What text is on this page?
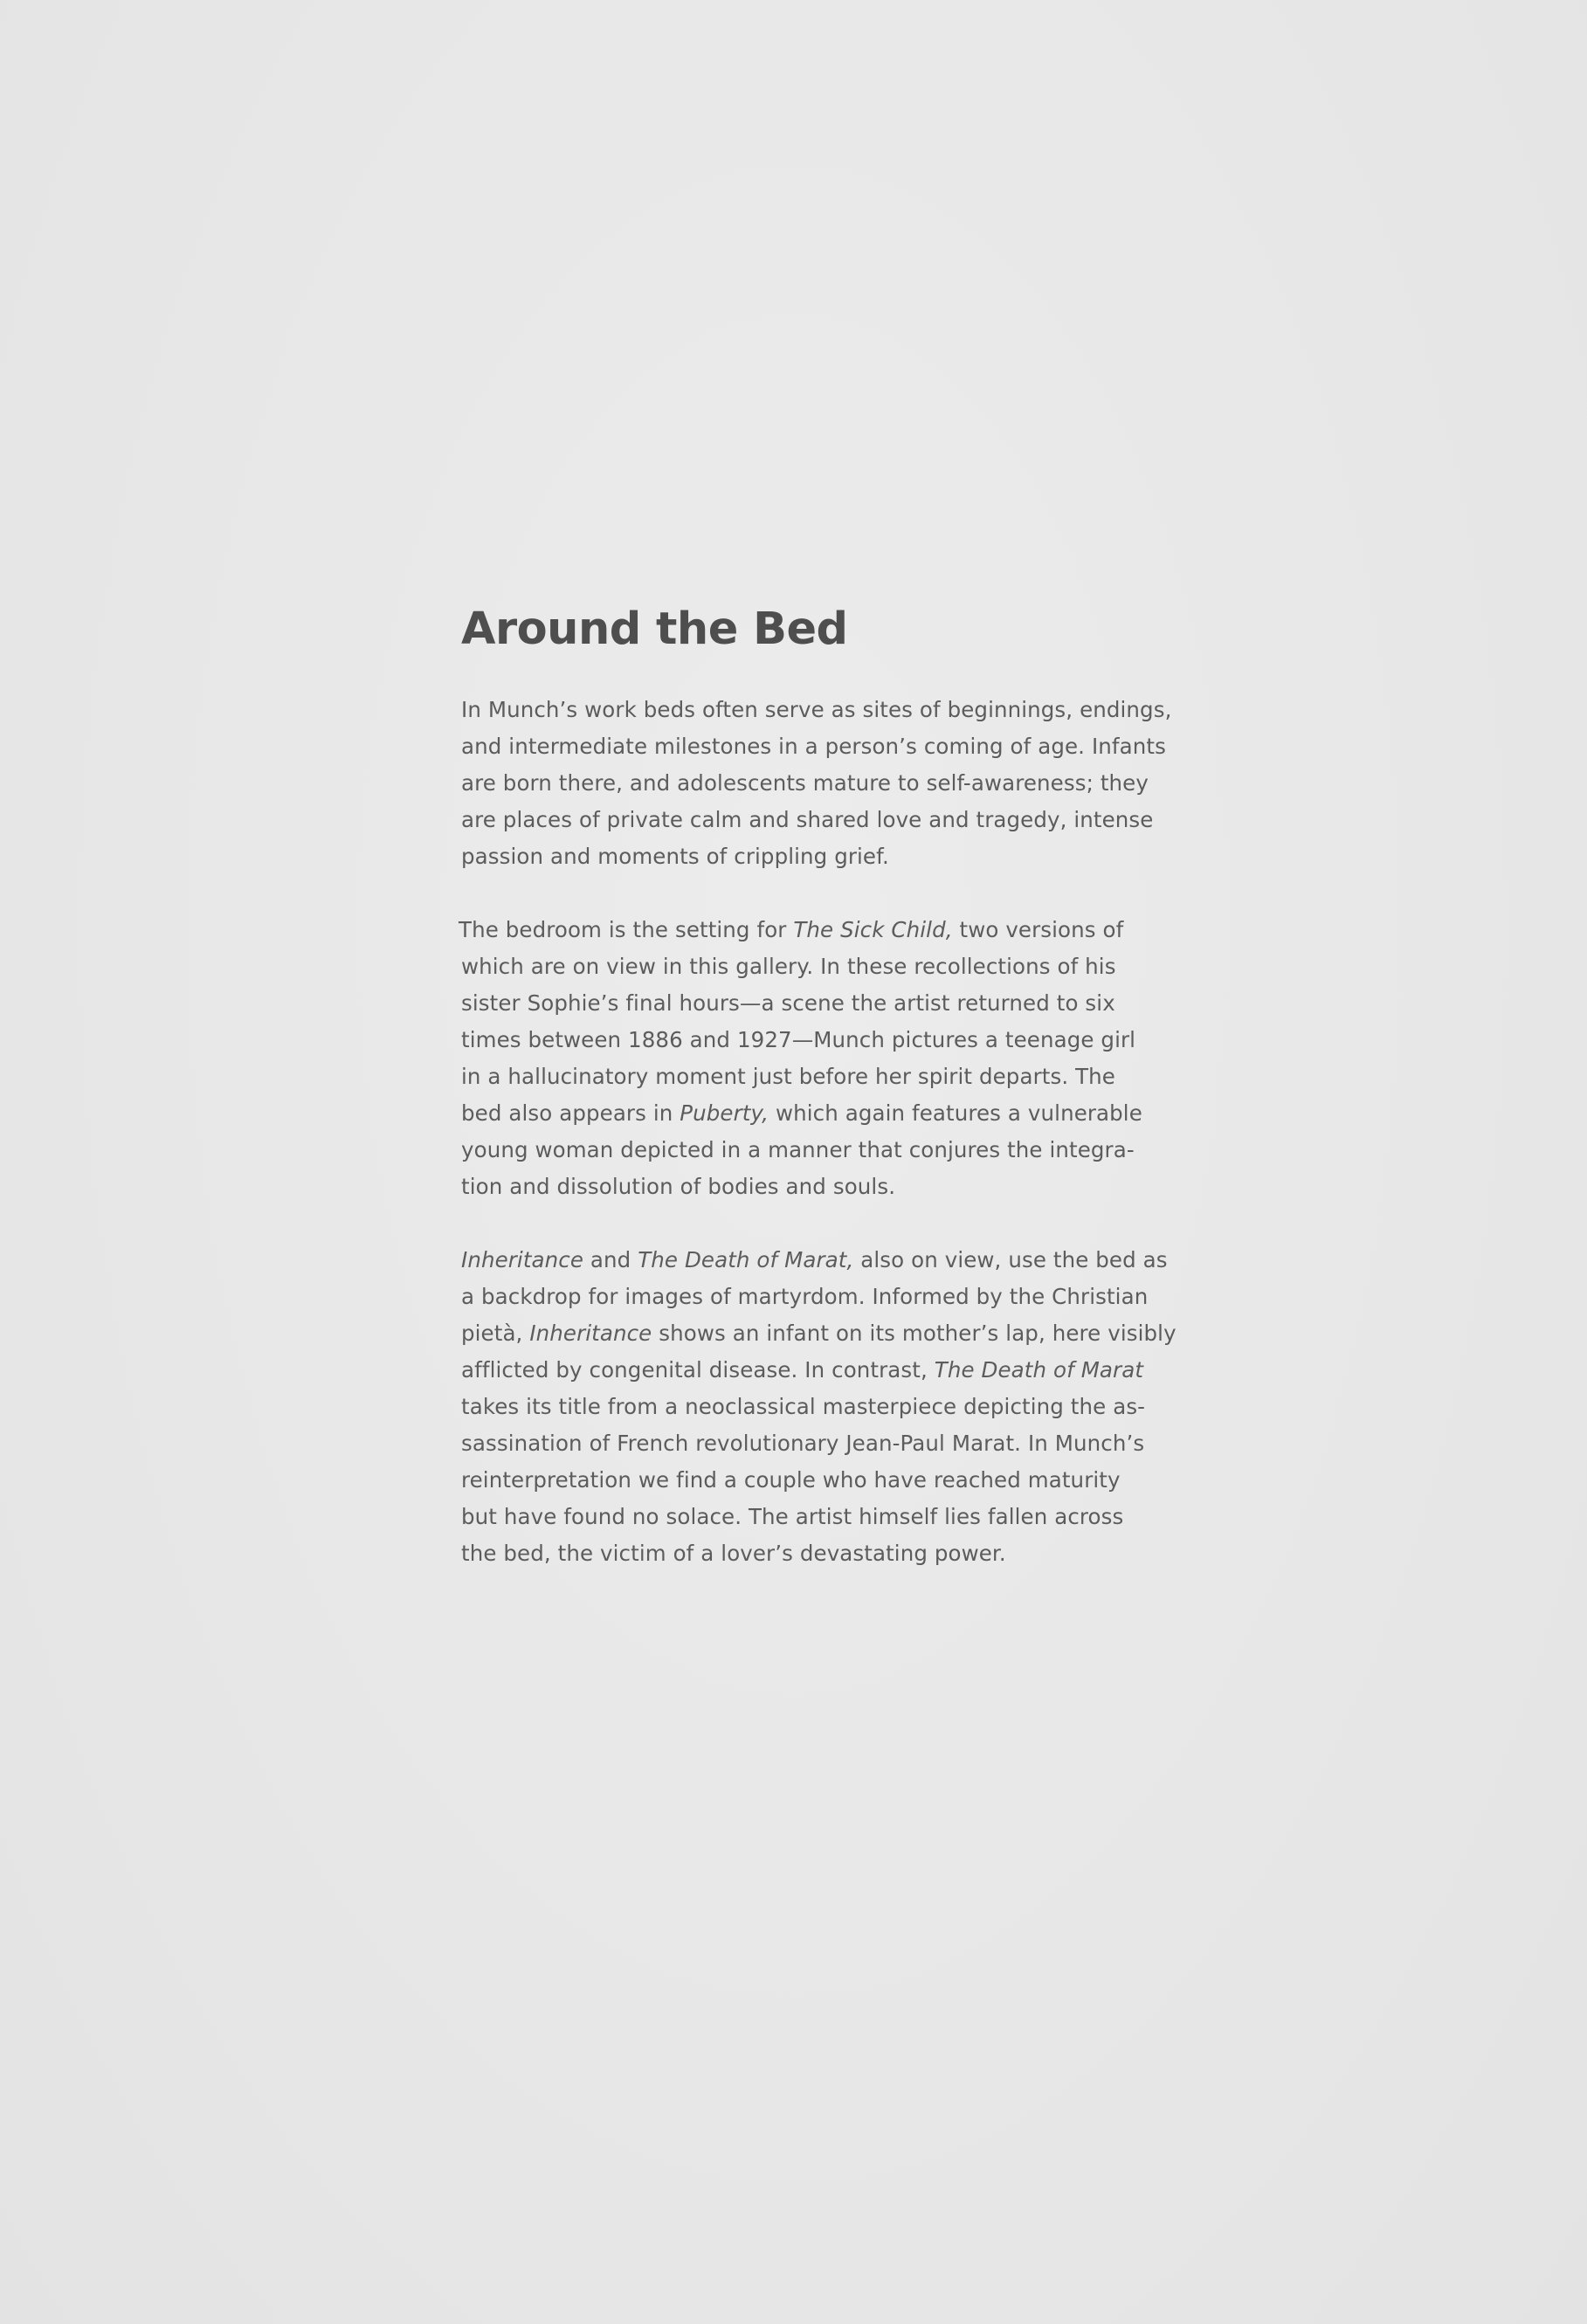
Around the Bed

In Munch’s work beds often serve as sites of beginnings, endings,
and intermediate milestones in a person’s coming of age. Infants
are born there, and adolescents mature to self-awareness; they
are places of private calm and shared love and tragedy, intense
passion and moments of crippling grief.

The bedroom is the setting for The Sick Child, two versions of
which are on view in this gallery. In these recollections of his
sister Sophie’s final hours—a scene the artist returned to six
times between 1886 and 1927—Munch pictures a teenage girl
in a hallucinatory moment just before her spirit departs. The
bed also appears in Puberty, which again features a vulnerable
young woman depicted in a manner that conjures the integra-
tion and dissolution of bodies and souls.

Inheritance and The Death of Marat, also on view, use the bed as
a backdrop for images of martyrdom. Informed by the Christian
pietà, Inheritance shows an infant on its mother’s lap, here visibly
afflicted by congenital disease. In contrast, The Death of Marat
takes its title from a neoclassical masterpiece depicting the as-
sassination of French revolutionary Jean-Paul Marat. In Munch’s
reinterpretation we find a couple who have reached maturity
but have found no solace. The artist himself lies fallen across
the bed, the victim of a lover’s devastating power.
